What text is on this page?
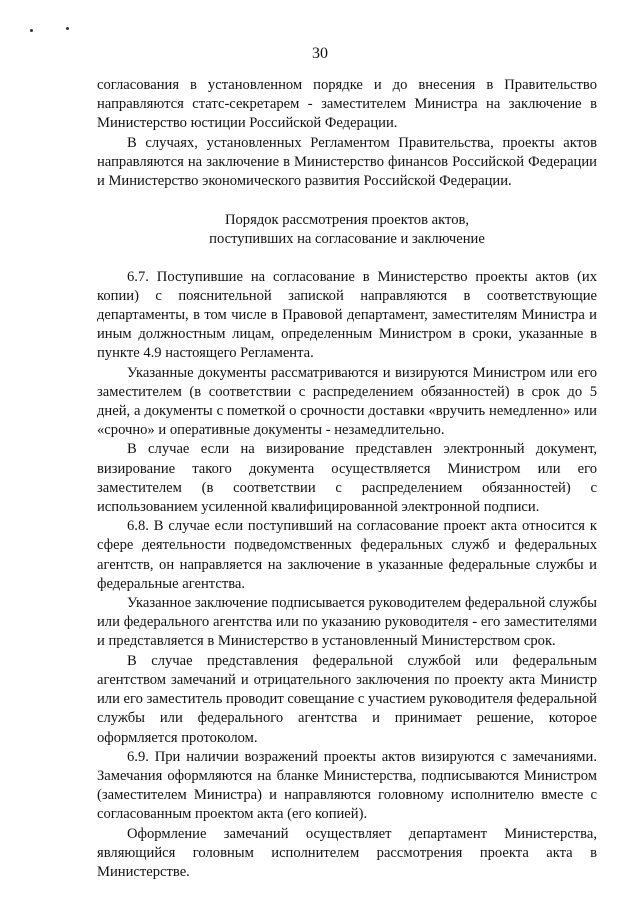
30

согласования в установленном порядке и до внесения в Правительство направляются статс-секретарем - заместителем Министра на заключение в Министерство юстиции Российской Федерации.

В случаях, установленных Регламентом Правительства, проекты актов направляются на заключение в Министерство финансов Российской Федерации и Министерство экономического развития Российской Федерации.

Порядок рассмотрения проектов актов,
поступивших на согласование и заключение

6.7. Поступившие на согласование в Министерство проекты актов (их копии) с пояснительной запиской направляются в соответствующие департаменты, в том числе в Правовой департамент, заместителям Министра и иным должностным лицам, определенным Министром в сроки, указанные в пункте 4.9 настоящего Регламента.

Указанные документы рассматриваются и визируются Министром или его заместителем (в соответствии с распределением обязанностей) в срок до 5 дней, а документы с пометкой о срочности доставки «вручить немедленно» или «срочно» и оперативные документы - незамедлительно.

В случае если на визирование представлен электронный документ, визирование такого документа осуществляется Министром или его заместителем (в соответствии с распределением обязанностей) с использованием усиленной квалифицированной электронной подписи.

6.8. В случае если поступивший на согласование проект акта относится к сфере деятельности подведомственных федеральных служб и федеральных агентств, он направляется на заключение в указанные федеральные службы и федеральные агентства.

Указанное заключение подписывается руководителем федеральной службы или федерального агентства или по указанию руководителя - его заместителями и представляется в Министерство в установленный Министерством срок.

В случае представления федеральной службой или федеральным агентством замечаний и отрицательного заключения по проекту акта Министр или его заместитель проводит совещание с участием руководителя федеральной службы или федерального агентства и принимает решение, которое оформляется протоколом.

6.9. При наличии возражений проекты актов визируются с замечаниями. Замечания оформляются на бланке Министерства, подписываются Министром (заместителем Министра) и направляются головному исполнителю вместе с согласованным проектом акта (его копией).

Оформление замечаний осуществляет департамент Министерства, являющийся головным исполнителем рассмотрения проекта акта в Министерстве.
